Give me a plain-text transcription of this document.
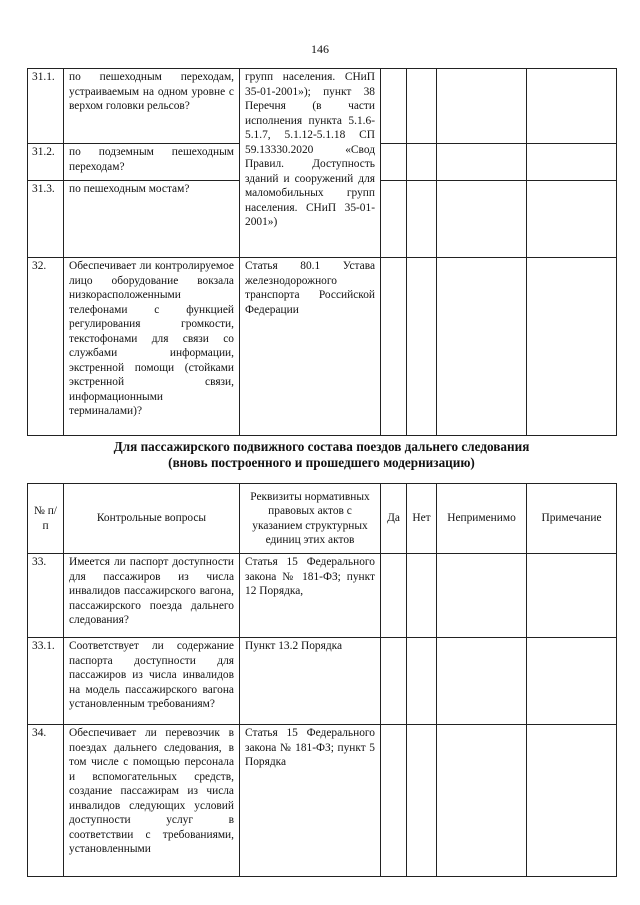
146
31.1.	по пешеходным переходам, устраиваемым на одном уровне с верхом головки рельсов?	групп населения. СНиП 35-01-2001»); пункт 38 Перечня (в части исполнения пункта 5.1.6-5.1.7, 5.1.12-5.1.18 СП 59.13330.2020 «Свод Правил. Доступность зданий и сооружений для маломобильных групп населения. СНиП 35-01-2001»)				
31.2.	по подземным пешеходным переходам?					
31.3.	по пешеходным мостам?					
32.	Обеспечивает ли контролируемое лицо оборудование вокзала низкорасположенными телефонами с функцией регулирования громкости, текстофонами для связи со службами информации, экстренной помощи (стойками экстренной связи, информационными терминалами)?	Статья 80.1 Устава железнодорожного транспорта Российской Федерации				
Для пассажирского подвижного состава поездов дальнего следования
(вновь построенного и прошедшего модернизацию)
№ п/п	Контрольные вопросы	Реквизиты нормативных правовых актов с указанием структурных единиц этих актов	Да	Нет	Неприменимо	Примечание
33.	Имеется ли паспорт доступности для пассажиров из числа инвалидов пассажирского вагона, пассажирского поезда дальнего следования?	Статья 15 Федерального закона № 181-ФЗ; пункт 12 Порядка,				
33.1.	Соответствует ли содержание паспорта доступности для пассажиров из числа инвалидов на модель пассажирского вагона установленным требованиям?	Пункт 13.2 Порядка				
34.	Обеспечивает ли перевозчик в поездах дальнего следования, в том числе с помощью персонала и вспомогательных средств, создание пассажирам из числа инвалидов следующих условий доступности услуг в соответствии с требованиями, установленными	Статья 15 Федерального закона № 181-ФЗ; пункт 5 Порядка				
